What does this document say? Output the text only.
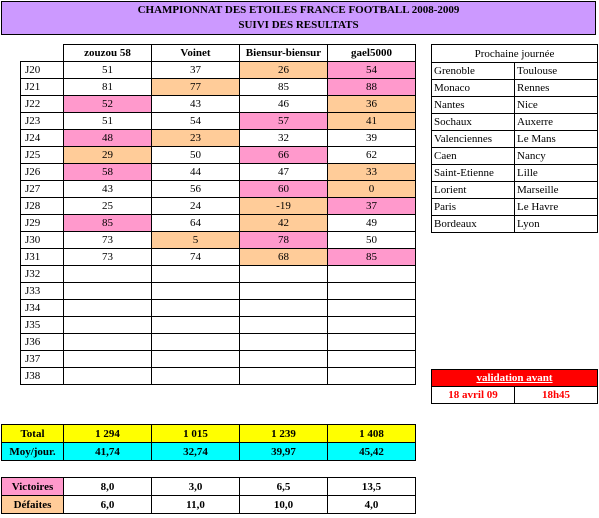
CHAMPIONNAT DES ETOILES FRANCE FOOTBALL 2008-2009
SUIVI DES RESULTATS
	zouzou 58	Voinet	Biensur-biensur	gael5000
J20	51	37	26	54
J21	81	77	85	88
J22	52	43	46	36
J23	51	54	57	41
J24	48	23	32	39
J25	29	50	66	62
J26	58	44	47	33
J27	43	56	60	0
J28	25	24	-19	37
J29	85	64	42	49
J30	73	5	78	50
J31	73	74	68	85
J32				
J33				
J34				
J35				
J36				
J37				
J38				
Prochaine journée	
Grenoble	Toulouse
Monaco	Rennes
Nantes	Nice
Sochaux	Auxerre
Valenciennes	Le Mans
Caen	Nancy
Saint-Etienne	Lille
Lorient	Marseille
Paris	Le Havre
Bordeaux	Lyon
validation avant
18 avril 09	18h45
Total	1 294	1 015	1 239	1 408
Moy/jour.	41,74	32,74	39,97	45,42
Victoires	8,0	3,0	6,5	13,5
Défaites	6,0	11,0	10,0	4,0
